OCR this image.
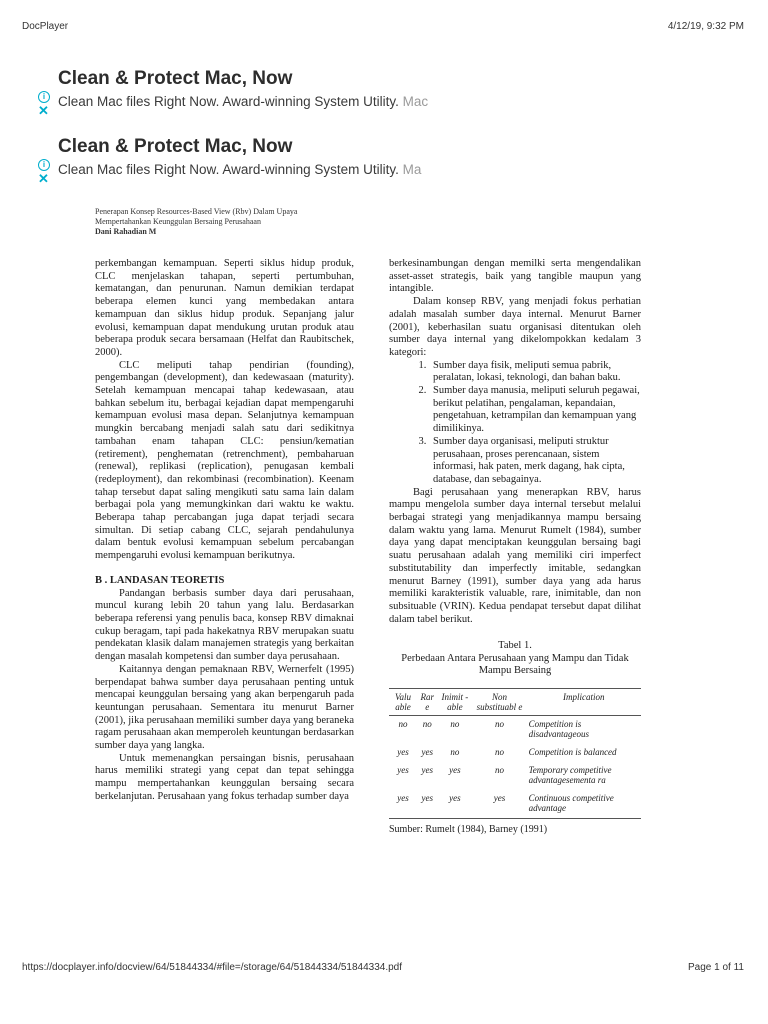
DocPlayer	4/12/19, 9:32 PM
Clean & Protect Mac, Now
i
✕
Clean Mac files Right Now. Award-winning System Utility. Mac
Clean & Protect Mac, Now
i
✕
Clean Mac files Right Now. Award-winning System Utility. Ma
Penerapan Konsep Resources-Based View (Rbv) Dalam Upaya
Mempertahankan Keunggulan Bersaing Perusahaan
Dani Rahadian M

perkembangan kemampuan. Seperti siklus hidup produk, CLC menjelaskan tahapan, seperti pertumbuhan, kematangan, dan penurunan. Namun demikian terdapat beberapa elemen kunci yang membedakan antara kemampuan dan siklus hidup produk. Sepanjang jalur evolusi, kemampuan dapat mendukung urutan produk atau beberapa produk secara bersamaan (Helfat dan Raubitschek, 2000).

CLC meliputi tahap pendirian (founding), pengembangan (development), dan kedewasaan (maturity). Setelah kemampuan mencapai tahap kedewasaan, atau bahkan sebelum itu, berbagai kejadian dapat mempengaruhi kemampuan evolusi masa depan. Selanjutnya kemampuan mungkin bercabang menjadi salah satu dari sedikitnya tambahan enam tahapan CLC: pensiun/kematian (retirement), penghematan (retrenchment), pembaharuan (renewal), replikasi (replication), penugasan kembali (redeployment), dan rekombinasi (recombination). Keenam tahap tersebut dapat saling mengikuti satu sama lain dalam berbagai pola yang memungkinkan dari waktu ke waktu. Beberapa tahap percabangan juga dapat terjadi secara simultan. Di setiap cabang CLC, sejarah pendahulunya dalam bentuk evolusi kemampuan sebelum percabangan mempengaruhi evolusi kemampuan berikutnya.

B . LANDASAN TEORETIS

Pandangan berbasis sumber daya dari perusahaan, muncul kurang lebih 20 tahun yang lalu. Berdasarkan beberapa referensi yang penulis baca, konsep RBV dimaknai cukup beragam, tapi pada hakekatnya RBV merupakan suatu pendekatan klasik dalam manajemen strategis yang berkaitan dengan masalah kompetensi dan sumber daya perusahaan.

Kaitannya dengan pemaknaan RBV, Wernerfelt (1995) berpendapat bahwa sumber daya perusahaan penting untuk mencapai keunggulan bersaing yang akan berpengaruh pada keuntungan perusahaan. Sementara itu menurut Barner (2001), jika perusahaan memiliki sumber daya yang beraneka ragam perusahaan akan memperoleh keuntungan berdasarkan sumber daya yang langka.

Untuk memenangkan persaingan bisnis, perusahaan harus memiliki strategi yang cepat dan tepat sehingga mampu mempertahankan keunggulan bersaing secara berkelanjutan. Perusahaan yang fokus terhadap sumber daya

berkesinambungan dengan memilki serta mengendalikan asset-asset strategis, baik yang tangible maupun yang intangible.

Dalam konsep RBV, yang menjadi fokus perhatian adalah masalah sumber daya internal. Menurut Barner (2001), keberhasilan suatu organisasi ditentukan oleh sumber daya internal yang dikelompokkan kedalam 3 kategori:

1. Sumber daya fisik, meliputi semua pabrik, peralatan, lokasi, teknologi, dan bahan baku.
2. Sumber daya manusia, meliputi seluruh pegawai, berikut pelatihan, pengalaman, kepandaian, pengetahuan, ketrampilan dan kemampuan yang dimilikinya.
3. Sumber daya organisasi, meliputi struktur perusahaan, proses perencanaan, sistem informasi, hak paten, merk dagang, hak cipta, database, dan sebagainya.

Bagi perusahaan yang menerapkan RBV, harus mampu mengelola sumber daya internal tersebut melalui berbagai strategi yang menjadikannya mampu bersaing dalam waktu yang lama. Menurut Rumelt (1984), sumber daya yang dapat menciptakan keunggulan bersaing bagi suatu perusahaan adalah yang memiliki ciri imperfect substitutability dan imperfectly imitable, sedangkan menurut Barney (1991), sumber daya yang ada harus memiliki karakteristik valuable, rare, inimitable, dan non subsituable (VRIN). Kedua pendapat tersebut dapat dilihat dalam tabel berikut.

Tabel 1.
Perbedaan Antara Perusahaan yang Mampu dan Tidak Mampu Bersaing
Valu able	Rar e	Inimit -able	Non substituabl e	Implication
no	no	no	no	Competition is disadvantageous
yes	yes	no	no	Competition is balanced
yes	yes	yes	no	Temporary competitive advantagesementa ra
yes	yes	yes	yes	Continuous competitive advantage
Sumber: Rumelt (1984), Barney (1991)
https://docplayer.info/docview/64/51844334/#file=/storage/64/51844334/51844334.pdf	Page 1 of 11
